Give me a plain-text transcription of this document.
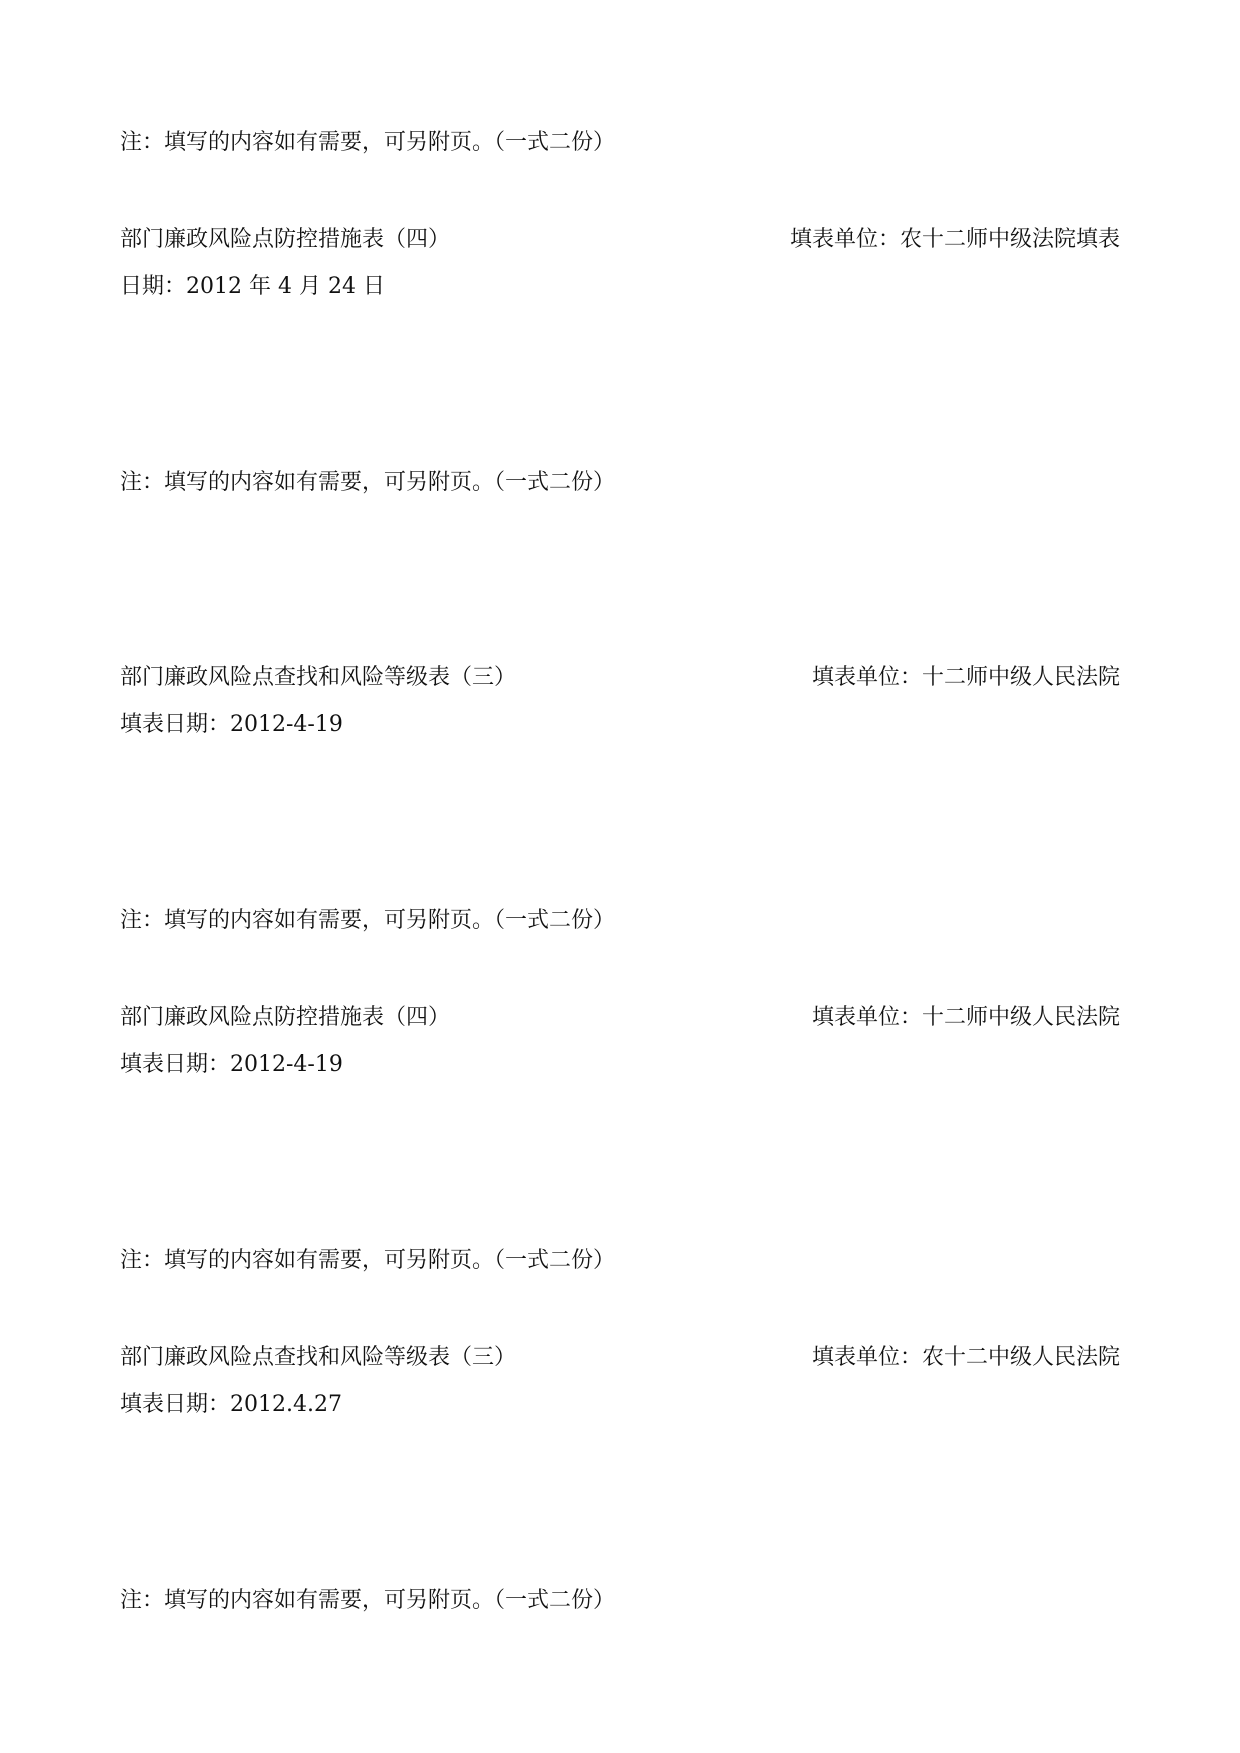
注：填写的内容如有需要，可另附页。（一式二份）
部门廉政风险点防控措施表（四）	填表单位：农十二师中级法院填表
日期：2012 年 4 月 24 日
注：填写的内容如有需要，可另附页。（一式二份）
部门廉政风险点查找和风险等级表（三）	填表单位：十二师中级人民法院
填表日期：2012-4-19
注：填写的内容如有需要，可另附页。（一式二份）
部门廉政风险点防控措施表（四）	填表单位：十二师中级人民法院
填表日期：2012-4-19
注：填写的内容如有需要，可另附页。（一式二份）
部门廉政风险点查找和风险等级表（三）	填表单位：农十二中级人民法院
填表日期：2012.4.27
注：填写的内容如有需要，可另附页。（一式二份）
